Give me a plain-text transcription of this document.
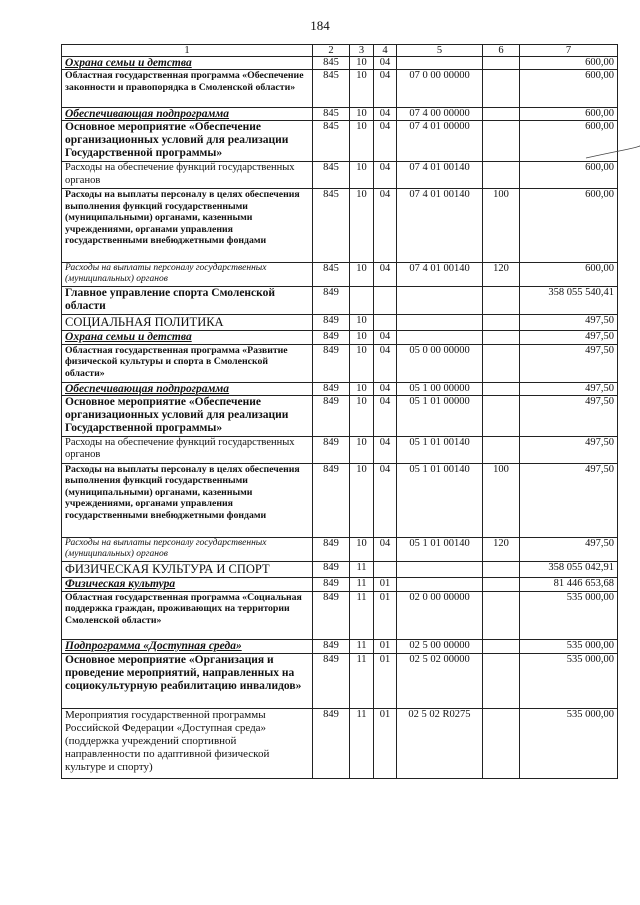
184
1	2	3	4	5	6	7
Охрана семьи и детства	845	10	04			600,00
Областная государственная программа «Обеспечение законности и правопорядка в Смоленской области»	845	10	04	07 0 00 00000		600,00
Обеспечивающая подпрограмма	845	10	04	07 4 00 00000		600,00
Основное мероприятие «Обеспечение организационных условий для реализации Государственной программы»	845	10	04	07 4 01 00000		600,00
Расходы на обеспечение функций государственных органов	845	10	04	07 4 01 00140		600,00
Расходы на выплаты персоналу в целях обеспечения выполнения функций государственными (муниципальными) органами, казенными учреждениями, органами управления государственными внебюджетными фондами	845	10	04	07 4 01 00140	100	600,00
Расходы на выплаты персоналу государственных (муниципальных) органов	845	10	04	07 4 01 00140	120	600,00
Главное управление спорта Смоленской области	849					358 055 540,41
СОЦИАЛЬНАЯ ПОЛИТИКА	849	10				497,50
Охрана семьи и детства	849	10	04			497,50
Областная государственная программа «Развитие физической культуры и спорта в Смоленской области»	849	10	04	05 0 00 00000		497,50
Обеспечивающая подпрограмма	849	10	04	05 1 00 00000		497,50
Основное мероприятие «Обеспечение организационных условий для реализации Государственной программы»	849	10	04	05 1 01 00000		497,50
Расходы на обеспечение функций государственных органов	849	10	04	05 1 01 00140		497,50
Расходы на выплаты персоналу в целях обеспечения выполнения функций государственными (муниципальными) органами, казенными учреждениями, органами управления государственными внебюджетными фондами	849	10	04	05 1 01 00140	100	497,50
Расходы на выплаты персоналу государственных (муниципальных) органов	849	10	04	05 1 01 00140	120	497,50
ФИЗИЧЕСКАЯ КУЛЬТУРА И СПОРТ	849	11				358 055 042,91
Физическая культура	849	11	01			81 446 653,68
Областная государственная программа «Социальная поддержка граждан, проживающих на территории Смоленской области»	849	11	01	02 0 00 00000		535 000,00
Подпрограмма «Доступная среда»	849	11	01	02 5 00 00000		535 000,00
Основное мероприятие «Организация и проведение мероприятий, направленных на социокультурную реабилитацию инвалидов»	849	11	01	02 5 02 00000		535 000,00
Мероприятия государственной программы Российской Федерации «Доступная среда» (поддержка учреждений спортивной направленности по адаптивной физической культуре и спорту)	849	11	01	02 5 02 R0275		535 000,00
